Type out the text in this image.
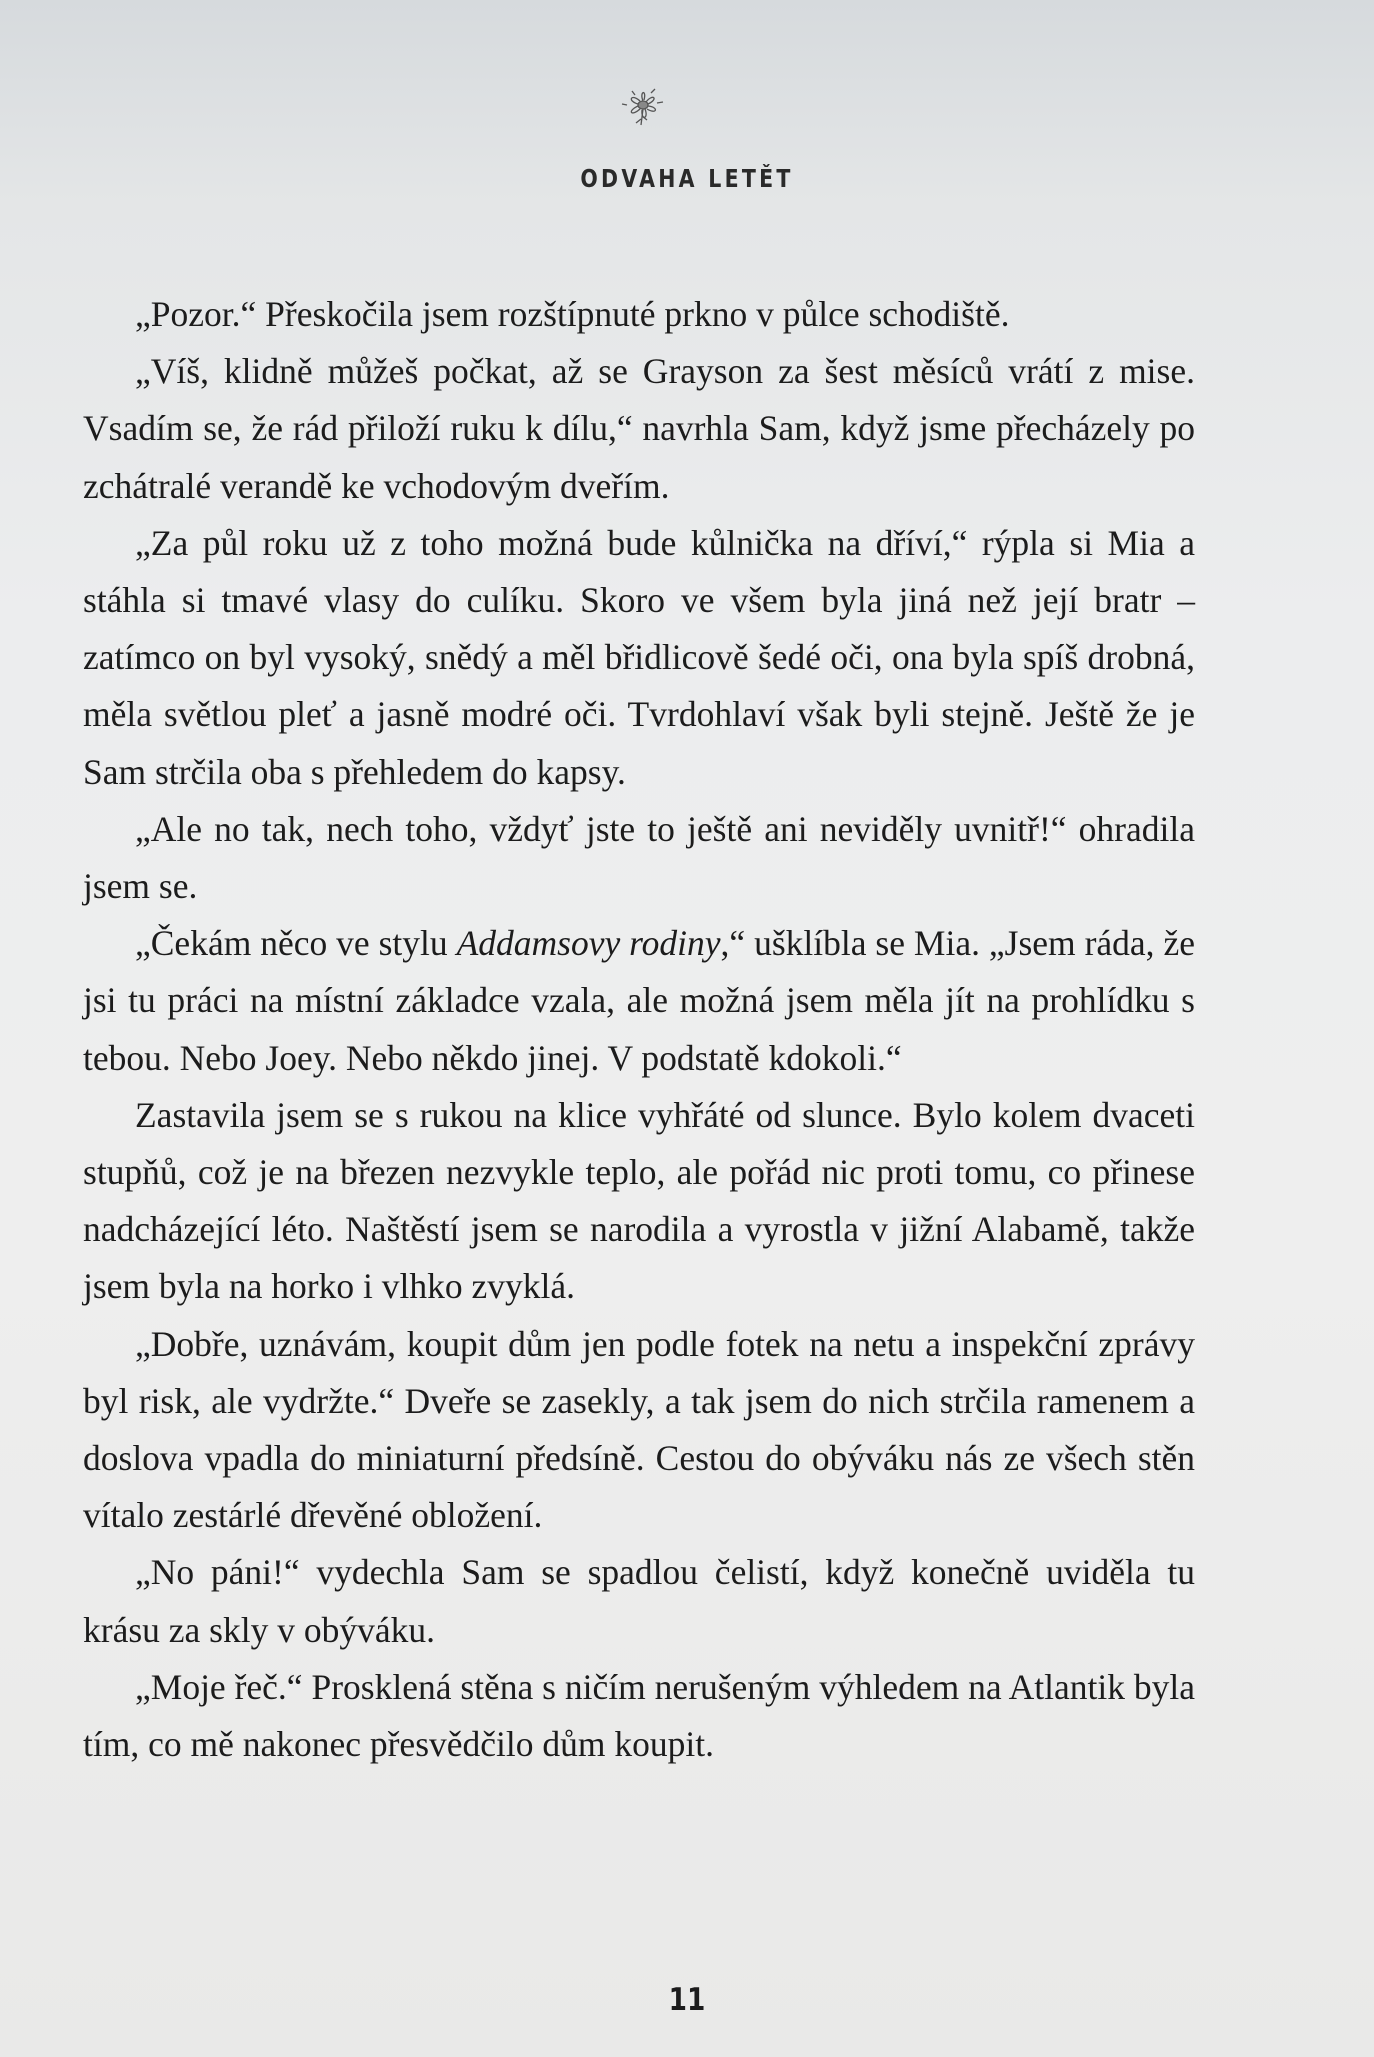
ODVAHA LETĚT

„Pozor.“ Přeskočila jsem rozštípnuté prkno v půlce schodiště.

„Víš, klidně můžeš počkat, až se Grayson za šest měsíců vrátí z mise. Vsadím se, že rád přiloží ruku k dílu,“ navrhla Sam, když jsme přecházely po zchátralé verandě ke vchodovým dveřím.

„Za půl roku už z toho možná bude kůlnička na dříví,“ rýpla si Mia a stáhla si tmavé vlasy do culíku. Skoro ve všem byla jiná než její bratr – zatímco on byl vysoký, snědý a měl břidlicově šedé oči, ona byla spíš drobná, měla světlou pleť a jasně modré oči. Tvrdohlaví však byli stejně. Ještě že je Sam strčila oba s přehledem do kapsy.

„Ale no tak, nech toho, vždyť jste to ještě ani neviděly uvnitř!“ ohradila jsem se.

„Čekám něco ve stylu Addamsovy rodiny,“ ušklíbla se Mia. „Jsem ráda, že jsi tu práci na místní základce vzala, ale možná jsem měla jít na prohlídku s tebou. Nebo Joey. Nebo někdo jinej. V podstatě kdokoli.“

Zastavila jsem se s rukou na klice vyhřáté od slunce. Bylo kolem dvaceti stupňů, což je na březen nezvykle teplo, ale pořád nic proti tomu, co přinese nadcházející léto. Naštěstí jsem se narodila a vyrostla v jižní Alabamě, takže jsem byla na horko i vlhko zvyklá.

„Dobře, uznávám, koupit dům jen podle fotek na netu a inspekční zprávy byl risk, ale vydržte.“ Dveře se zasekly, a tak jsem do nich strčila ramenem a doslova vpadla do miniaturní předsíně. Cestou do obýváku nás ze všech stěn vítalo zestárlé dřevěné obložení.

„No páni!“ vydechla Sam se spadlou čelistí, když konečně uviděla tu krásu za skly v obýváku.

„Moje řeč.“ Prosklená stěna s ničím nerušeným výhledem na Atlantik byla tím, co mě nakonec přesvědčilo dům koupit.

11
